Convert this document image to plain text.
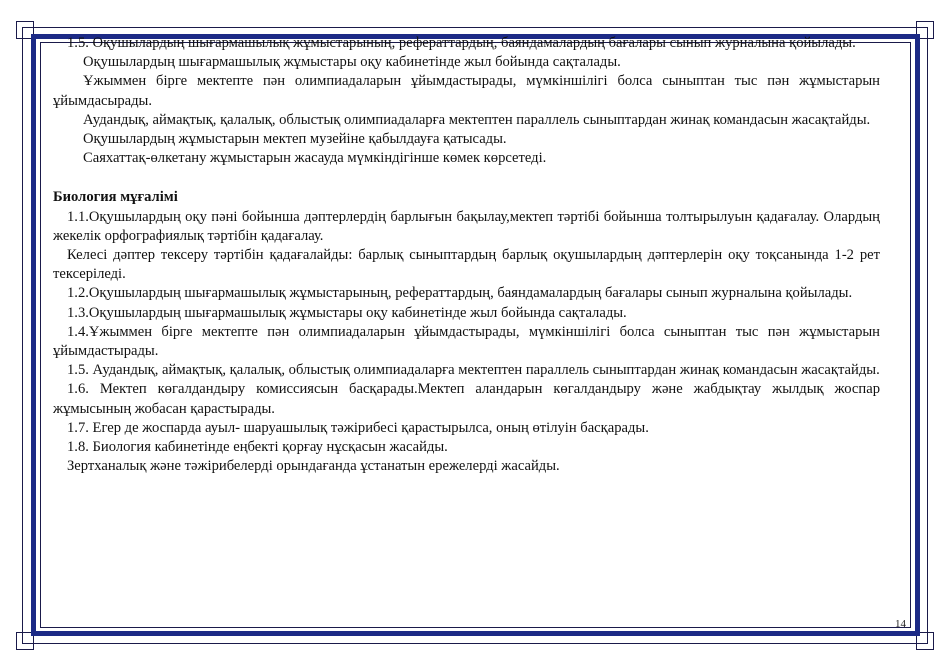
1.5. Оқушылардың шығармашылық жұмыстарының, рефераттардың, баяндамалардың бағалары сынып журналына қойылады.

Оқушылардың шығармашылық жұмыстары оқу кабинетінде жыл бойында сақталады.

Ұжыммен бірге мектепте пән олимпиадаларын ұйымдастырады, мүмкіншілігі болса сыныптан тыс пән жұмыстарын ұйымдасырады.

Аудандық, аймақтық, қалалық, облыстық олимпиадаларға мектептен параллель сыныптардан жинақ командасын жасақтайды.

Оқушылардың жұмыстарын мектеп музейіне қабылдауға қатысады.

Саяхаттақ-өлкетану жұмыстарын жасауда мүмкіндігінше көмек көрсетеді.

Биология мұғалімі

1.1.Оқушылардың оқу пәні бойынша дәптерлердің барлығын бақылау,мектеп тәртібі бойынша толтырылуын қадағалау. Олардың жекелік орфографиялық тәртібін қадағалау.

Келесі дәптер тексеру тәртібін қадағалайды: барлық сыныптардың барлық оқушылардың дәптерлерін оқу тоқсанында 1-2 рет тексеріледі.

1.2.Оқушылардың шығармашылық жұмыстарының, рефераттардың, баяндамалардың бағалары сынып журналына қойылады.

1.3.Оқушылардың шығармашылық жұмыстары оқу кабинетінде жыл бойында сақталады.

1.4.Ұжыммен бірге мектепте пән олимпиадаларын ұйымдастырады, мүмкіншілігі болса сыныптан тыс пән жұмыстарын ұйымдастырады.

1.5. Аудандық, аймақтық, қалалық, облыстық олимпиадаларға мектептен параллель сыныптардан жинақ командасын жасақтайды.

1.6. Мектеп көгалдандыру комиссиясын басқарады.Мектеп аландарын көгалдандыру және жабдықтау жылдық жоспар жұмысының жобасан қарастырады.

1.7. Егер де жоспарда ауыл- шаруашылық тәжірибесі қарастырылса, оның өтілуін басқарады.

1.8. Биология кабинетінде еңбекті қорғау нұсқасын жасайды.

Зертханалық және тәжірибелерді орындағанда ұстанатын ережелерді жасайды.

14
